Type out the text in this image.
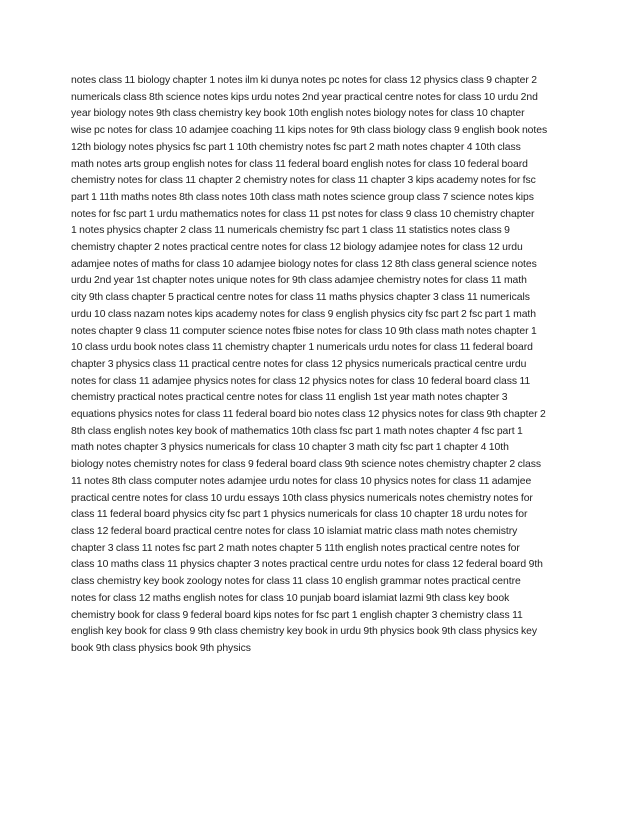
notes class 11 biology chapter 1 notes ilm ki dunya notes pc notes for class 12 physics class 9 chapter 2
numericals class 8th science notes kips urdu notes 2nd year practical centre notes for class 10 urdu 2nd
year biology notes 9th class chemistry key book 10th english notes biology notes for class 10 chapter
wise pc notes for class 10 adamjee coaching 11 kips notes for 9th class biology class 9 english book notes
12th biology notes physics fsc part 1 10th chemistry notes fsc part 2 math notes chapter 4 10th class
math notes arts group english notes for class 11 federal board english notes for class 10 federal board
chemistry notes for class 11 chapter 2 chemistry notes for class 11 chapter 3 kips academy notes for fsc
part 1 11th maths notes 8th class notes 10th class math notes science group class 7 science notes kips
notes for fsc part 1 urdu mathematics notes for class 11 pst notes for class 9 class 10 chemistry chapter
1 notes physics chapter 2 class 11 numericals chemistry fsc part 1 class 11 statistics notes class 9
chemistry chapter 2 notes practical centre notes for class 12 biology adamjee notes for class 12 urdu
adamjee notes of maths for class 10 adamjee biology notes for class 12 8th class general science notes
urdu 2nd year 1st chapter notes unique notes for 9th class adamjee chemistry notes for class 11 math
city 9th class chapter 5 practical centre notes for class 11 maths physics chapter 3 class 11 numericals
urdu 10 class nazam notes kips academy notes for class 9 english physics city fsc part 2 fsc part 1 math
notes chapter 9 class 11 computer science notes fbise notes for class 10 9th class math notes chapter 1
10 class urdu book notes class 11 chemistry chapter 1 numericals urdu notes for class 11 federal board
chapter 3 physics class 11 practical centre notes for class 12 physics numericals practical centre urdu
notes for class 11 adamjee physics notes for class 12 physics notes for class 10 federal board class 11
chemistry practical notes practical centre notes for class 11 english 1st year math notes chapter 3
equations physics notes for class 11 federal board bio notes class 12 physics notes for class 9th chapter 2
8th class english notes key book of mathematics 10th class fsc part 1 math notes chapter 4 fsc part 1
math notes chapter 3 physics numericals for class 10 chapter 3 math city fsc part 1 chapter 4 10th
biology notes chemistry notes for class 9 federal board class 9th science notes chemistry chapter 2 class
11 notes 8th class computer notes adamjee urdu notes for class 10 physics notes for class 11 adamjee
practical centre notes for class 10 urdu essays 10th class physics numericals notes chemistry notes for
class 11 federal board physics city fsc part 1 physics numericals for class 10 chapter 18 urdu notes for
class 12 federal board practical centre notes for class 10 islamiat matric class math notes chemistry
chapter 3 class 11 notes fsc part 2 math notes chapter 5 11th english notes practical centre notes for
class 10 maths class 11 physics chapter 3 notes practical centre urdu notes for class 12 federal board 9th
class chemistry key book zoology notes for class 11 class 10 english grammar notes practical centre
notes for class 12 maths english notes for class 10 punjab board islamiat lazmi 9th class key book
chemistry book for class 9 federal board kips notes for fsc part 1 english chapter 3 chemistry class 11
english key book for class 9 9th class chemistry key book in urdu 9th physics book 9th class physics key
book 9th class physics book 9th physics
